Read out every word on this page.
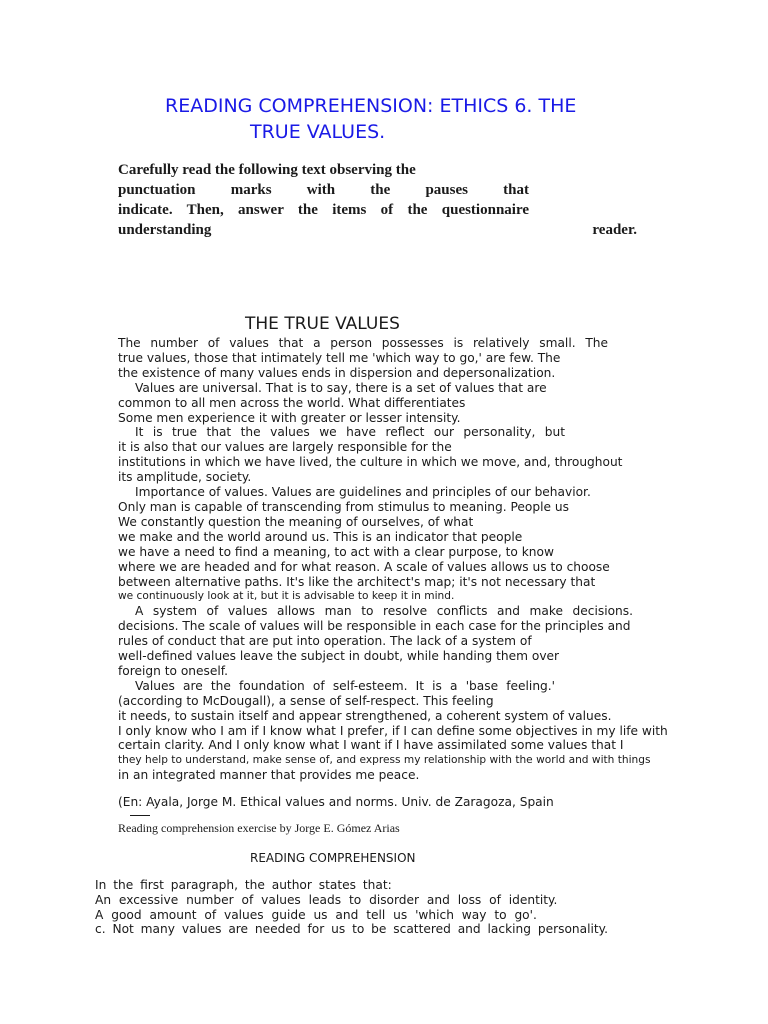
READING COMPREHENSION: ETHICS 6. THE
TRUE VALUES.
Carefully read the following text observing the
punctuation marks with the pauses that
indicate. Then, answer the items of the questionnaire
understanding	reader.
THE TRUE VALUES
The number of values that a person possesses is relatively small. The
true values, those that intimately tell me 'which way to go,' are few. The
the existence of many values ends in dispersion and depersonalization.
Values are universal. That is to say, there is a set of values that are
common to all men across the world. What differentiates
Some men experience it with greater or lesser intensity.
It is true that the values we have reflect our personality, but
it is also that our values are largely responsible for the
institutions in which we have lived, the culture in which we move, and, throughout
its amplitude, society.
Importance of values. Values are guidelines and principles of our behavior.
Only man is capable of transcending from stimulus to meaning. People us
We constantly question the meaning of ourselves, of what
we make and the world around us. This is an indicator that people
we have a need to find a meaning, to act with a clear purpose, to know
where we are headed and for what reason. A scale of values allows us to choose
between alternative paths. It's like the architect's map; it's not necessary that
we continuously look at it, but it is advisable to keep it in mind.
A system of values allows man to resolve conflicts and make decisions.
decisions. The scale of values will be responsible in each case for the principles and
rules of conduct that are put into operation. The lack of a system of
well-defined values leave the subject in doubt, while handing them over
foreign to oneself.
Values are the foundation of self-esteem. It is a 'base feeling.'
(according to McDougall), a sense of self-respect. This feeling
it needs, to sustain itself and appear strengthened, a coherent system of values.
I only know who I am if I know what I prefer, if I can define some objectives in my life with
certain clarity. And I only know what I want if I have assimilated some values that I
they help to understand, make sense of, and express my relationship with the world and with things
in an integrated manner that provides me peace.
(En: Ayala, Jorge M. Ethical values and norms. Univ. de Zaragoza, Spain
Reading comprehension exercise by Jorge E. Gómez Arias
READING COMPREHENSION
In the first paragraph, the author states that:
An excessive number of values leads to disorder and loss of identity.
A good amount of values guide us and tell us 'which way to go'.
c. Not many values are needed for us to be scattered and lacking personality.
